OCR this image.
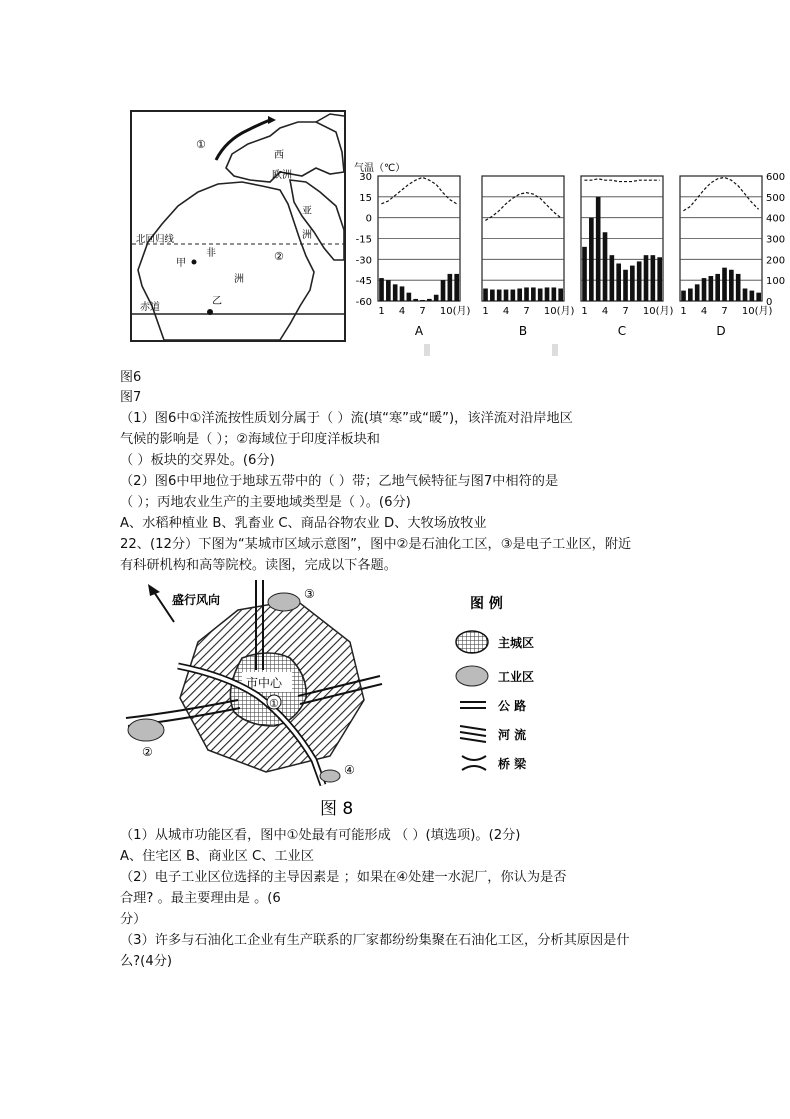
①
西
欧洲
亚
洲
北回归线
甲
非
洲
②
赤道
乙
气温（℃）
30
15
0
-15
-30
-45
-60
600
500
400
300
200
100
0
1 4 7 10(月)
A
1 4 7 10(月)
B
1 4 7 10(月)
C
1 4 7 10(月)
D
图6
图7
（1）图6中①洋流按性质划分属于（ ）流(填“寒”或“暖”)，该洋流对沿岸地区
气候的影响是（ ）；②海域位于印度洋板块和
（ ）板块的交界处。(6分)
（2）图6中甲地位于地球五带中的（ ）带；乙地气候特征与图7中相符的是
（ ）；丙地农业生产的主要地域类型是（ ）。(6分)
A、水稻种植业 B、乳畜业 C、商品谷物农业 D、大牧场放牧业
22、(12分）下图为“某城市区域示意图”，图中②是石油化工区，③是电子工业区，附近
有科研机构和高等院校。读图，完成以下各题。
盛行风向
市中心
①
②
③
④
图 8
图 例
主城区
工业区
公 路
河 流
桥 梁
（1）从城市功能区看，图中①处最有可能形成 （ ）(填选项)。(2分)
A、住宅区 B、商业区 C、工业区
（2）电子工业区位选择的主导因素是 ；如果在④处建一水泥厂，你认为是否
合理? 。最主要理由是 。(6
分）
（3）许多与石油化工企业有生产联系的厂家都纷纷集聚在石油化工区，分析其原因是什
么?(4分)
